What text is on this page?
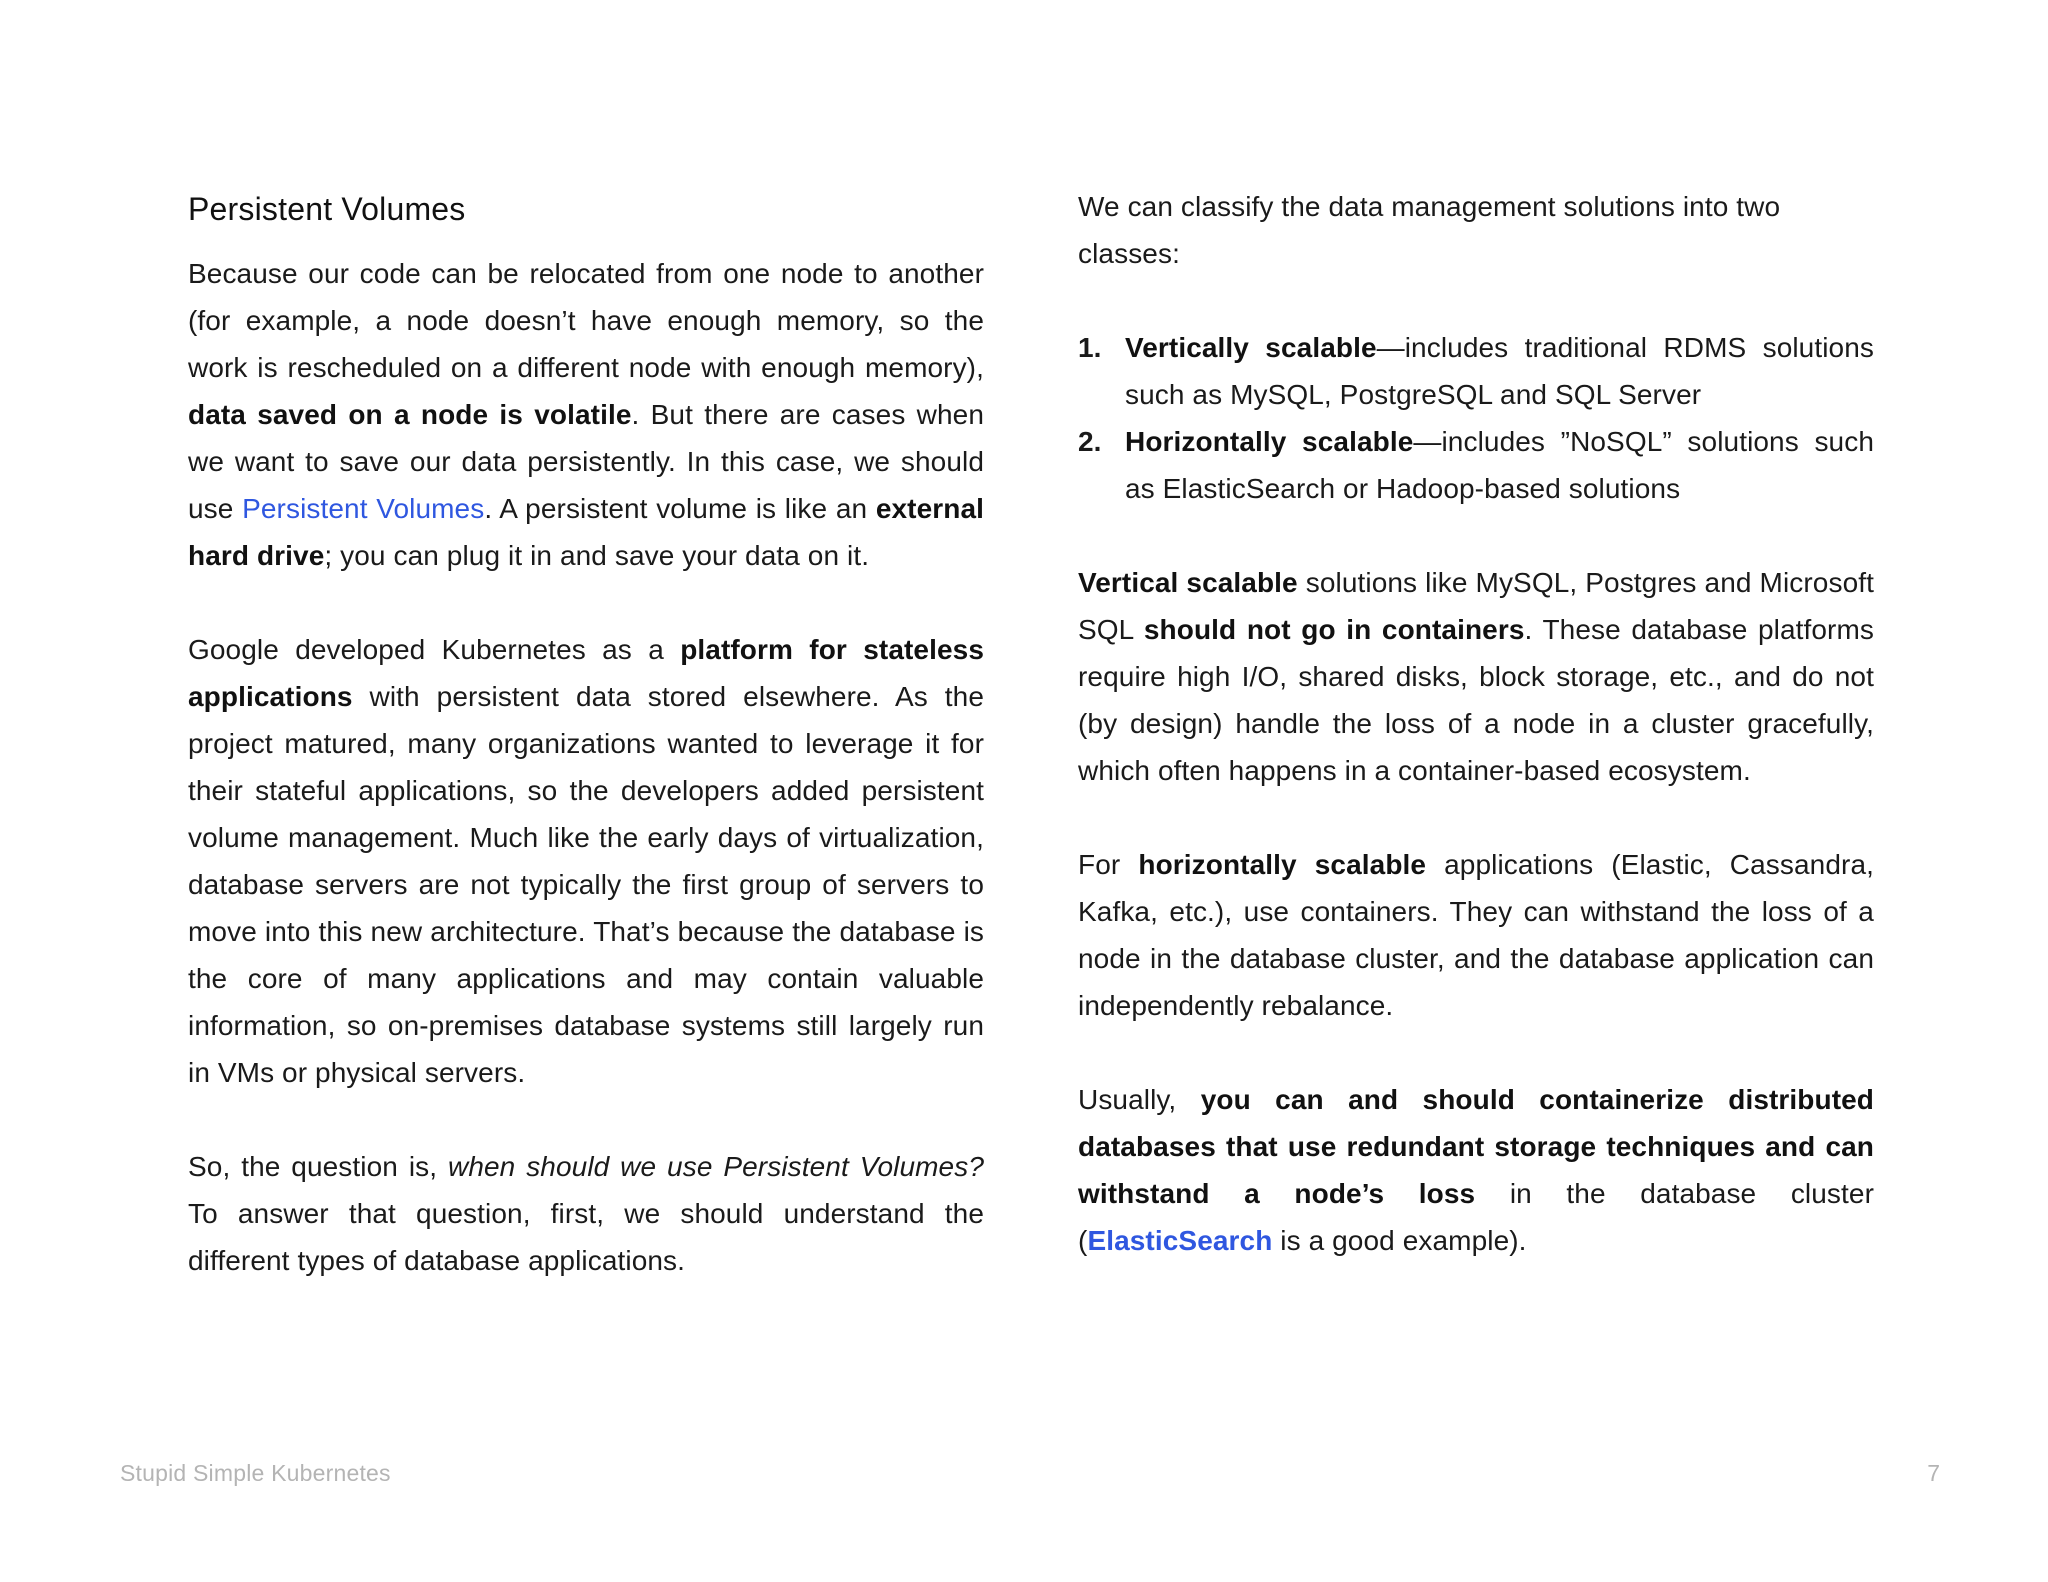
Persistent Volumes

Because our code can be relocated from one node to another (for example, a node doesn’t have enough memory, so the work is rescheduled on a different node with enough memory), data saved on a node is volatile. But there are cases when we want to save our data persistently. In this case, we should use Persistent Volumes. A persistent volume is like an external hard drive; you can plug it in and save your data on it.

Google developed Kubernetes as a platform for stateless applications with persistent data stored elsewhere. As the project matured, many organizations wanted to leverage it for their stateful applications, so the developers added persistent volume management. Much like the early days of virtualization, database servers are not typically the first group of servers to move into this new architecture. That’s because the database is the core of many applications and may contain valuable information, so on-premises database systems still largely run in VMs or physical servers.

So, the question is, when should we use Persistent Volumes? To answer that question, first, we should understand the different types of database applications.

We can classify the data management solutions into two classes:

1. Vertically scalable—includes traditional RDMS solutions such as MySQL, PostgreSQL and SQL Server
2. Horizontally scalable—includes ”NoSQL” solutions such as ElasticSearch or Hadoop-based solutions

Vertical scalable solutions like MySQL, Postgres and Microsoft SQL should not go in containers. These database platforms require high I/O, shared disks, block storage, etc., and do not (by design) handle the loss of a node in a cluster gracefully, which often happens in a container-based ecosystem.

For horizontally scalable applications (Elastic, Cassandra, Kafka, etc.), use containers. They can withstand the loss of a node in the database cluster, and the database application can independently rebalance.

Usually, you can and should containerize distributed databases that use redundant storage techniques and can withstand a node’s loss in the database cluster (ElasticSearch is a good example).

Stupid Simple Kubernetes	7
